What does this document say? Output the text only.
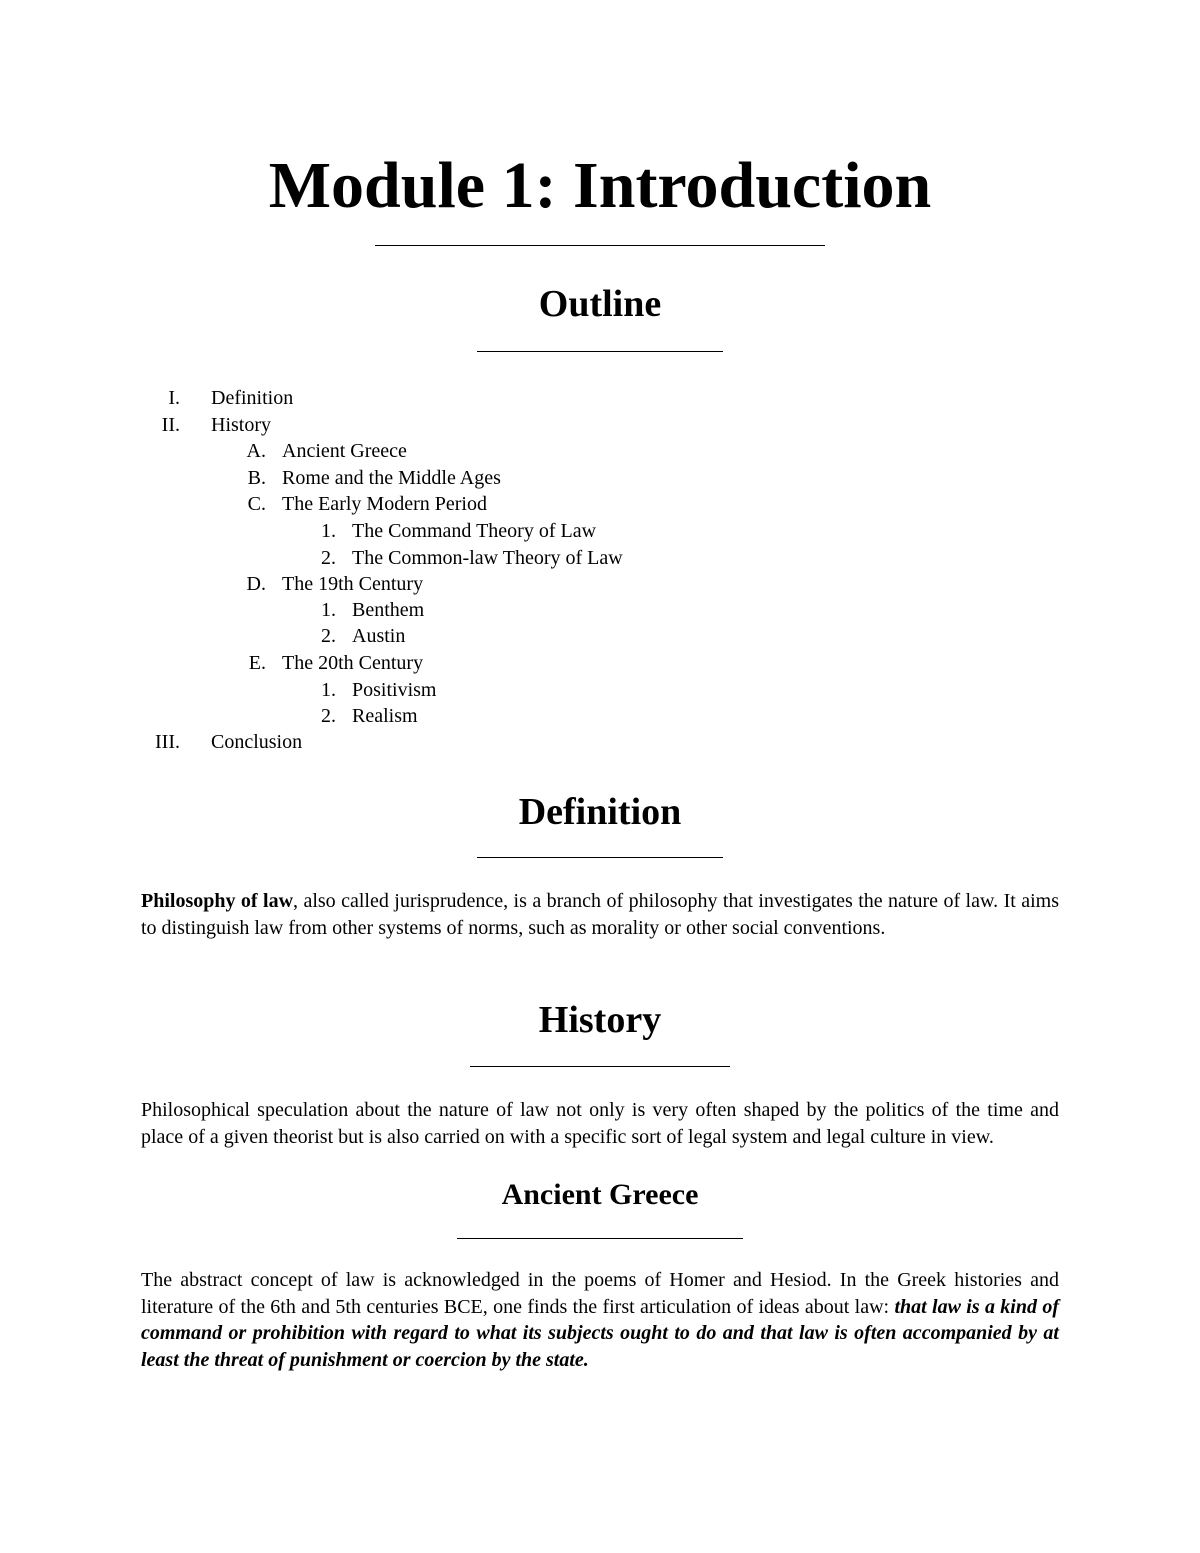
Module 1: Introduction
Outline
I. Definition
II. History
A. Ancient Greece
B. Rome and the Middle Ages
C. The Early Modern Period
1. The Command Theory of Law
2. The Common-law Theory of Law
D. The 19th Century
1. Benthem
2. Austin
E. The 20th Century
1. Positivism
2. Realism
III. Conclusion
Definition

Philosophy of law, also called jurisprudence, is a branch of philosophy that investigates the nature of law. It aims to distinguish law from other systems of norms, such as morality or other social conventions.

History

Philosophical speculation about the nature of law not only is very often shaped by the politics of the time and place of a given theorist but is also carried on with a specific sort of legal system and legal culture in view.

Ancient Greece

The abstract concept of law is acknowledged in the poems of Homer and Hesiod. In the Greek histories and literature of the 6th and 5th centuries BCE, one finds the first articulation of ideas about law: that law is a kind of command or prohibition with regard to what its subjects ought to do and that law is often accompanied by at least the threat of punishment or coercion by the state.
